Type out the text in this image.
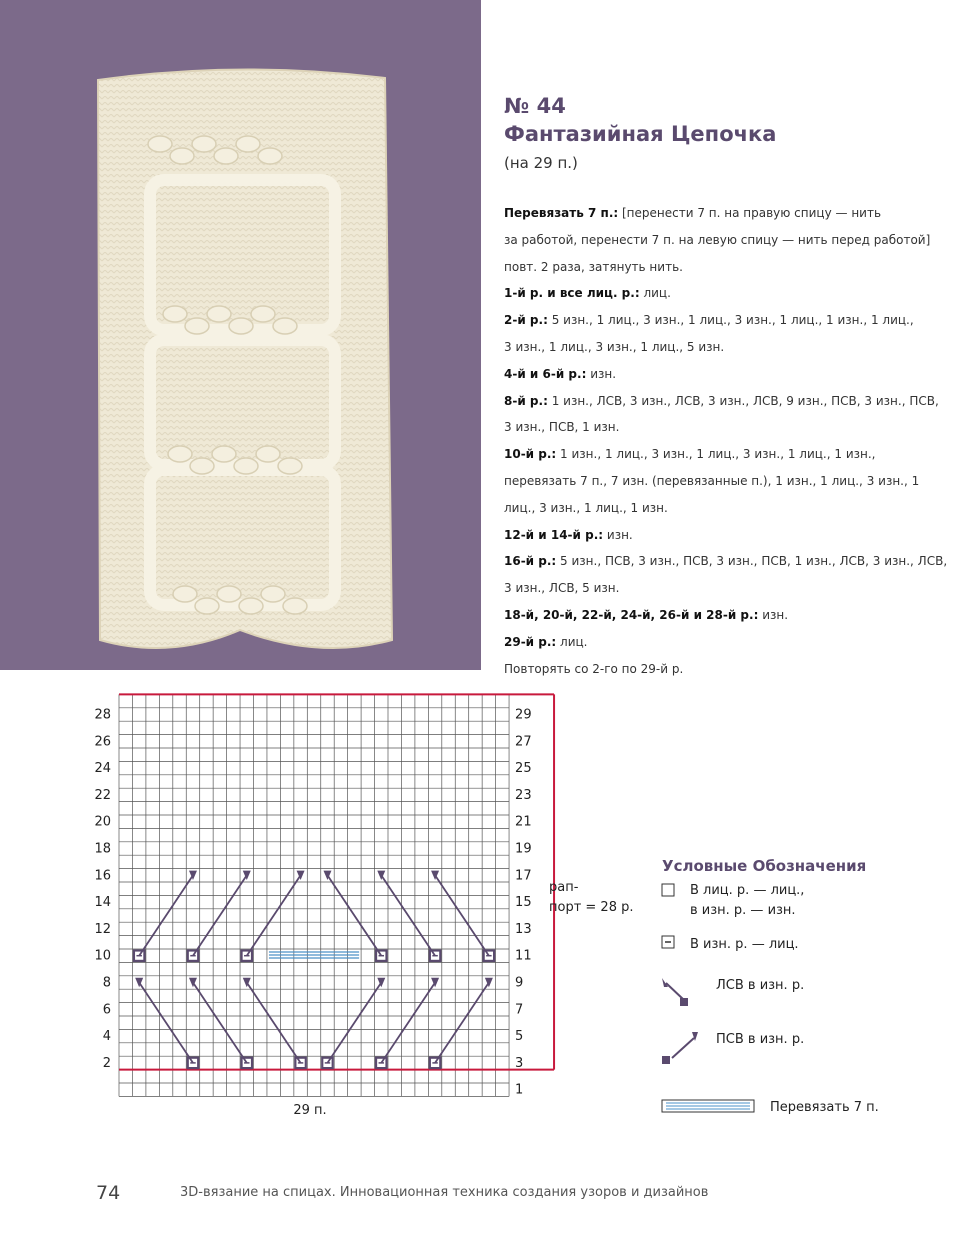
№ 44
Фантазийная Цепочка
(на 29 п.)
Перевязать 7 п.: [перенести 7 п. на правую спицу — нить
за работой, перенести 7 п. на левую спицу — нить перед работой]
повт. 2 раза, затянуть нить.
1-й р. и все лиц. р.: лиц.
2-й р.: 5 изн., 1 лиц., 3 изн., 1 лиц., 3 изн., 1 лиц., 1 изн., 1 лиц.,
3 изн., 1 лиц., 3 изн., 1 лиц., 5 изн.
4-й и 6-й р.: изн.
8-й р.: 1 изн., ЛСВ, 3 изн., ЛСВ, 3 изн., ЛСВ, 9 изн., ПСВ, 3 изн., ПСВ,
3 изн., ПСВ, 1 изн.
10-й р.: 1 изн., 1 лиц., 3 изн., 1 лиц., 3 изн., 1 лиц., 1 изн.,
перевязать 7 п., 7 изн. (перевязанные п.), 1 изн., 1 лиц., 3 изн., 1
лиц., 3 изн., 1 лиц., 1 изн.
12-й и 14-й р.: изн.
16-й р.: 5 изн., ПСВ, 3 изн., ПСВ, 3 изн., ПСВ, 1 изн., ЛСВ, 3 изн., ЛСВ,
3 изн., ЛСВ, 5 изн.
18-й, 20-й, 22-й, 24-й, 26-й и 28-й р.: изн.
29-й р.: лиц.
Повторять со 2-го по 29-й р.
2
4
6
8
10
12
14
16
18
20
22
24
26
28
1
3
5
7
9
11
13
15
17
19
21
23
25
27
29
29 п.
рап-
порт = 28 р.
Условные Обозначения
В лиц. р. — лиц.,
в изн. р. — изн.
В изн. р. — лиц.
ЛСВ в изн. р.
ПСВ в изн. р.
Перевязать 7 п.
74	3D-вязание на спицах. Инновационная техника создания узоров и дизайнов
